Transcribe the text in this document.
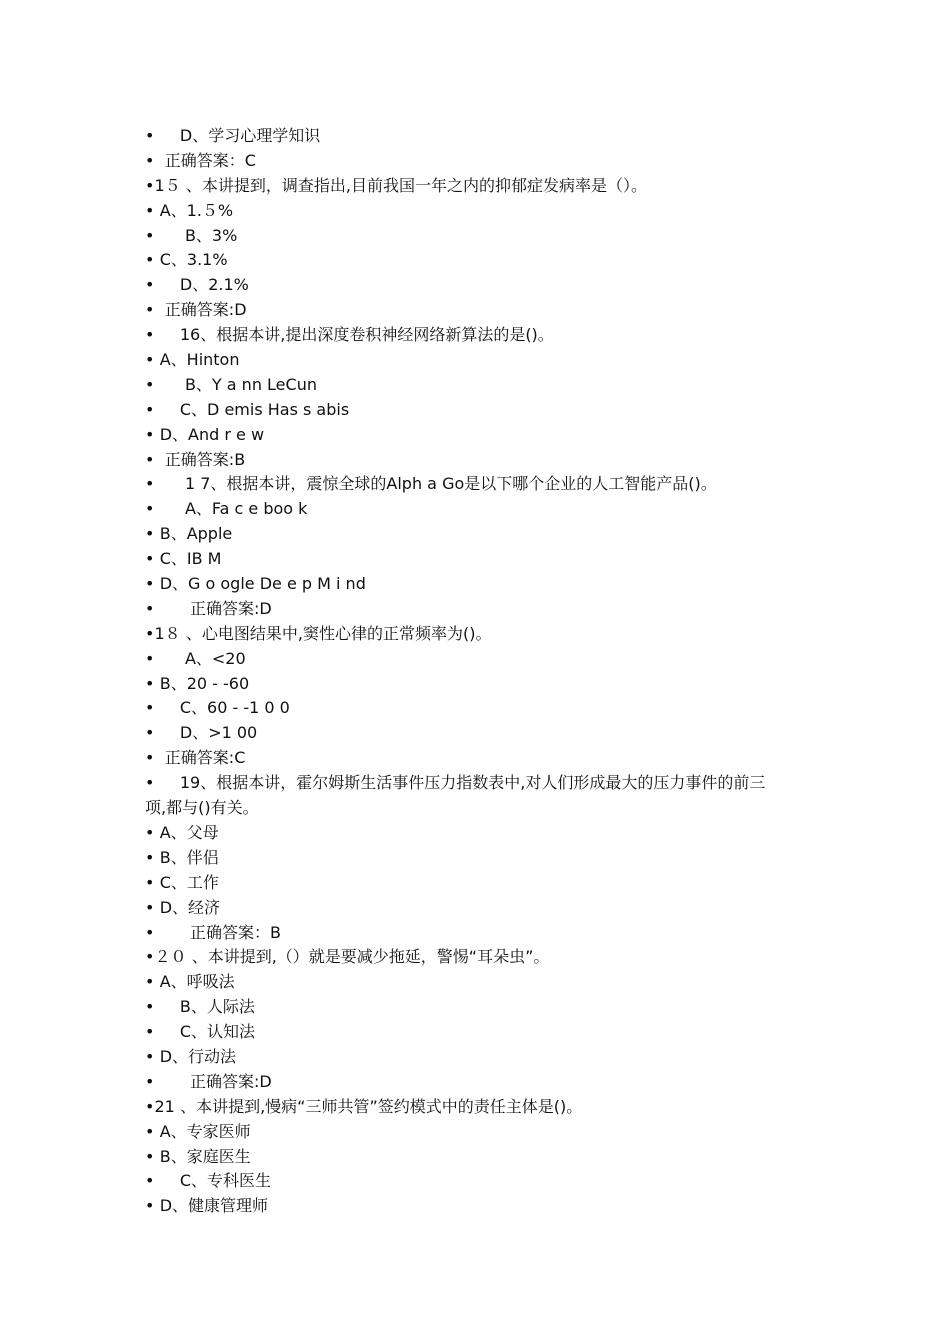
•     D、学习心理学知识
•  正确答案：C
•1５ 、本讲提到，调查指出,目前我国一年之内的抑郁症发病率是（）。
• A、1.５%
•      B、3%
• C、3.1%
•     D、2.1%
•  正确答案:D
•     16、根据本讲,提出深度卷积神经网络新算法的是()。
• A、Hinton
•      B、Y a nn LeCun
•     C、D emis Has s abis
• D、And r e w
•  正确答案:B
•      1 7、根据本讲，震惊全球的Alph a Go是以下哪个企业的人工智能产品()。
•      A、Fa c e boo k
• B、Apple
• C、IB M
• D、G o ogle De e p M i nd
•       正确答案:D
•1８ 、心电图结果中,窦性心律的正常频率为()。
•      A、<20
• B、20 - -60
•     C、60 - -1 0 0
•     D、>1 00
•  正确答案:C
•     19、根据本讲，霍尔姆斯生活事件压力指数表中,对人们形成最大的压力事件的前三
项,都与()有关。
• A、父母
• B、伴侣
• C、工作
• D、经济
•       正确答案：B
•２０ 、本讲提到,（）就是要减少拖延，警惕“耳朵虫”。
• A、呼吸法
•     B、人际法
•     C、认知法
• D、行动法
•       正确答案:D
•21 、本讲提到,慢病“三师共管”签约模式中的责任主体是()。
• A、专家医师
• B、家庭医生
•     C、专科医生
• D、健康管理师
